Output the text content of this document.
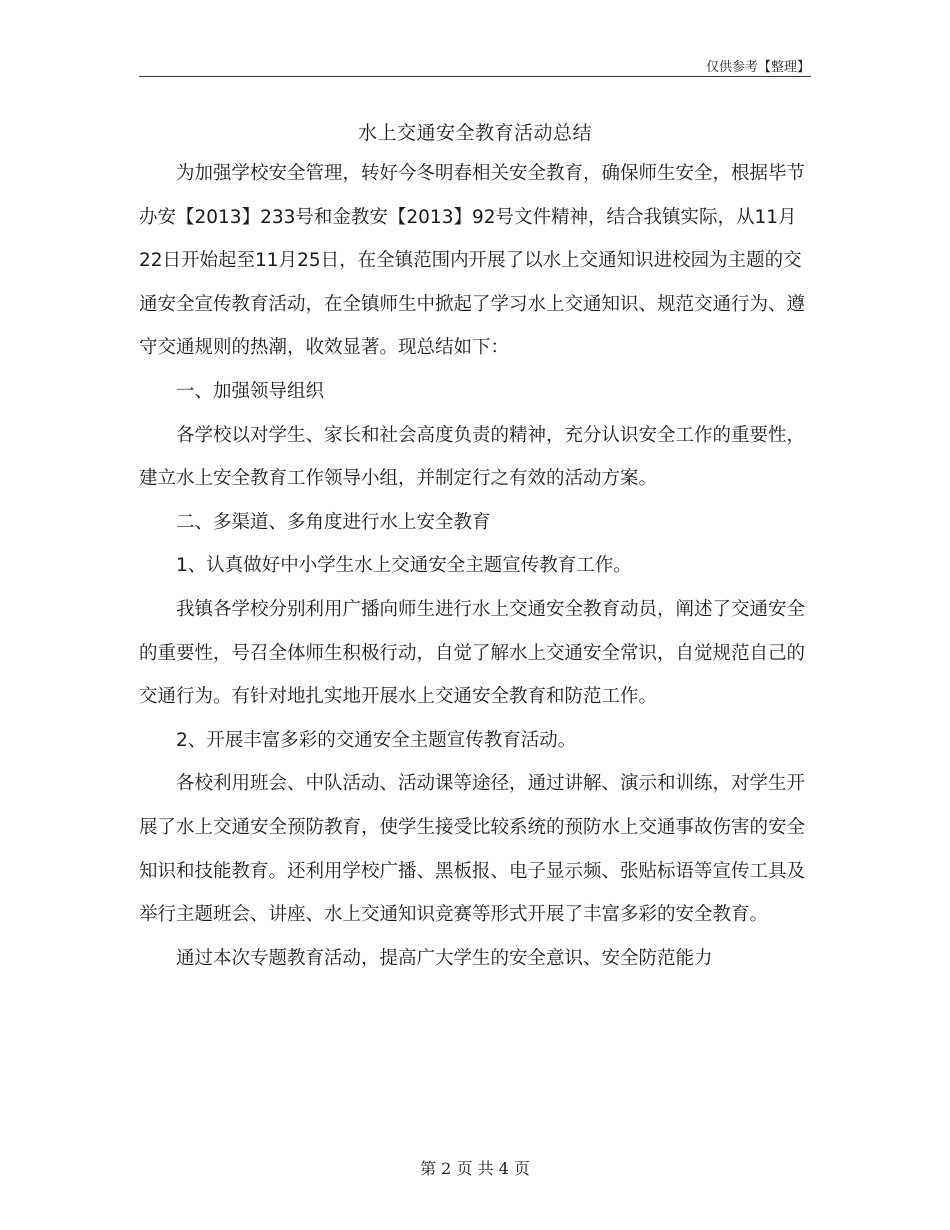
仅供参考【整理】
水上交通安全教育活动总结

为加强学校安全管理，转好今冬明春相关安全教育，确保师生安全，根据毕节办安【2013】233号和金教安【2013】92号文件精神，结合我镇实际，从11月22日开始起至11月25日，在全镇范围内开展了以水上交通知识进校园为主题的交通安全宣传教育活动，在全镇师生中掀起了学习水上交通知识、规范交通行为、遵守交通规则的热潮，收效显著。现总结如下：

一、加强领导组织

各学校以对学生、家长和社会高度负责的精神，充分认识安全工作的重要性，建立水上安全教育工作领导小组，并制定行之有效的活动方案。

二、多渠道、多角度进行水上安全教育

1、认真做好中小学生水上交通安全主题宣传教育工作。

我镇各学校分别利用广播向师生进行水上交通安全教育动员，阐述了交通安全的重要性，号召全体师生积极行动，自觉了解水上交通安全常识，自觉规范自己的交通行为。有针对地扎实地开展水上交通安全教育和防范工作。

2、开展丰富多彩的交通安全主题宣传教育活动。

各校利用班会、中队活动、活动课等途径，通过讲解、演示和训练，对学生开展了水上交通安全预防教育，使学生接受比较系统的预防水上交通事故伤害的安全知识和技能教育。还利用学校广播、黑板报、电子显示频、张贴标语等宣传工具及举行主题班会、讲座、水上交通知识竞赛等形式开展了丰富多彩的安全教育。

通过本次专题教育活动，提高广大学生的安全意识、安全防范能力

第 2 页 共 4 页
